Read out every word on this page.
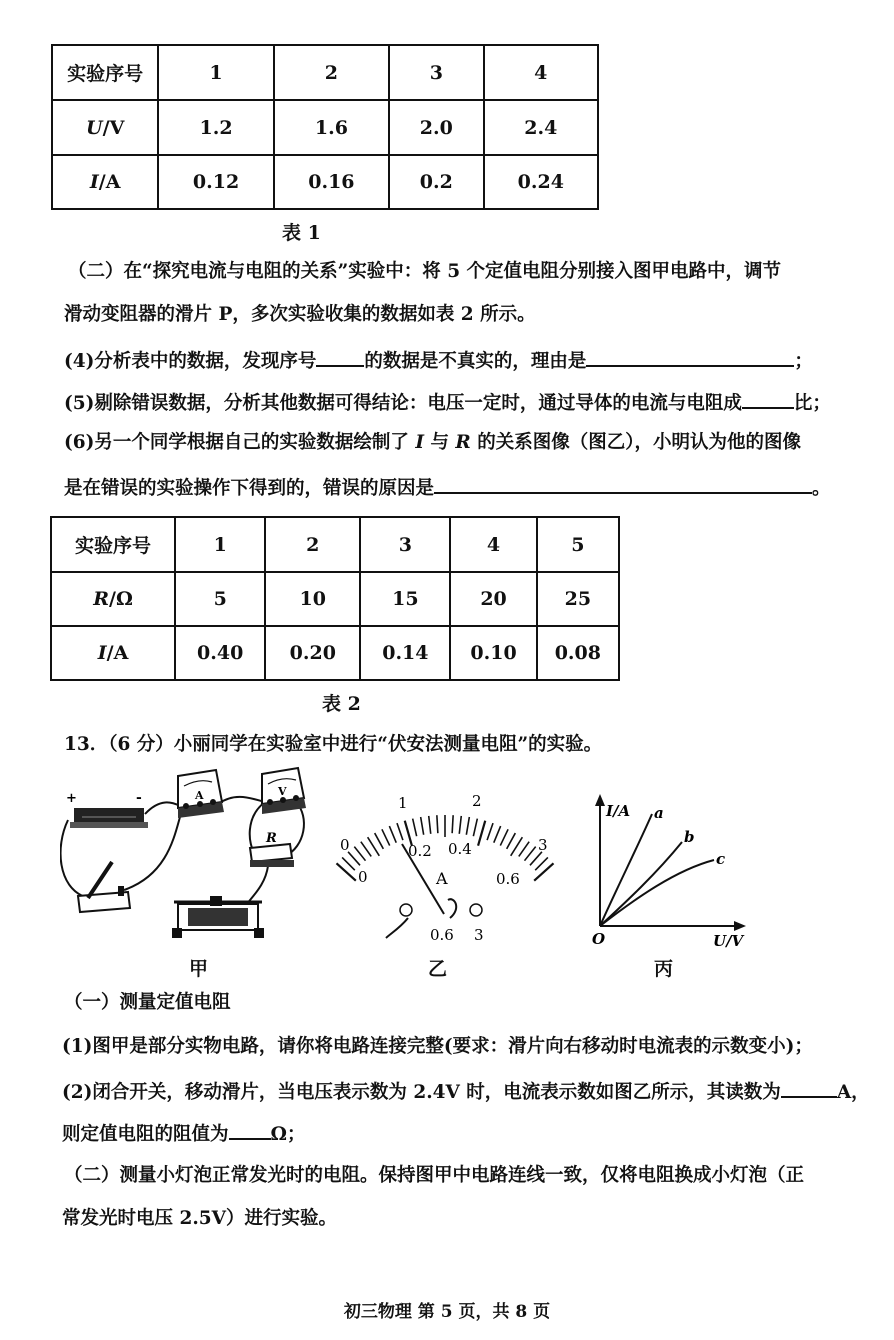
实验序号	1	2	3	4
U/V	1.2	1.6	2.0	2.4
I/A	0.12	0.16	0.2	0.24
表 1
（二）在“探究电流与电阻的关系”实验中：将 5 个定值电阻分别接入图甲电路中，调节
滑动变阻器的滑片 P，多次实验收集的数据如表 2 所示。
(4)分析表中的数据，发现序号	的数据是不真实的，理由是	；
(5)剔除错误数据，分析其他数据可得结论：电压一定时，通过导体的电流与电阻成	比；
(6)另一个同学根据自己的实验数据绘制了 I 与 R 的关系图像（图乙），小明认为他的图像
是在错误的实验操作下得到的，错误的原因是	。
实验序号	1	2	3	4	5
R/Ω	5	10	15	20	25
I/A	0.40	0.20	0.14	0.10	0.08
表 2
13．（6 分）小丽同学在实验室中进行“伏安法测量电阻”的实验。
+	-	A	V
R
甲
0
1	2
3
0
0.2 0.4
0.6
A
0.6 3
乙
I/A
U/V
O
a
b
c
丙
（一）测量定值电阻
(1)图甲是部分实物电路，请你将电路连接完整(要求：滑片向右移动时电流表的示数变小)；
(2)闭合开关，移动滑片，当电压表示数为 2.4V 时，电流表示数如图乙所示，其读数为	A，
则定值电阻的阻值为 Ω；
（二）测量小灯泡正常发光时的电阻。保持图甲中电路连线一致，仅将电阻换成小灯泡（正
常发光时电压 2.5V）进行实验。
初三物理 第 5 页，共 8 页
